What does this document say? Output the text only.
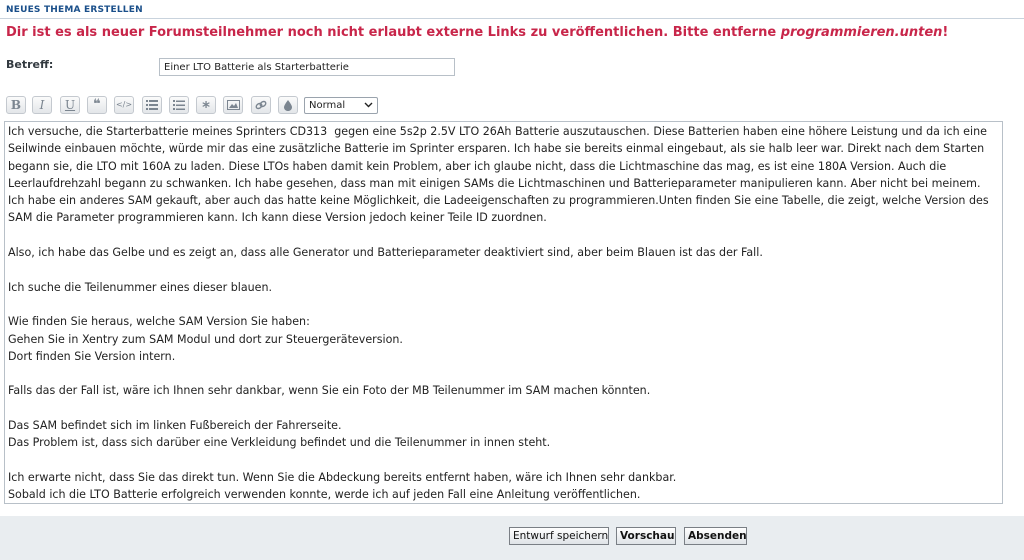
NEUES THEMA ERSTELLEN
Dir ist es als neuer Forumsteilnehmer noch nicht erlaubt externe Links zu veröffentlichen. Bitte entferne programmieren.unten!
Betreff:
Einer LTO Batterie als Starterbatterie
B	I	U	❝	</>	*	Normal

Ich versuche, die Starterbatterie meines Sprinters CD313  gegen eine 5s2p 2.5V LTO 26Ah Batterie auszutauschen. Diese Batterien haben eine höhere Leistung und da ich eine Seilwinde einbauen möchte, würde mir das eine zusätzliche Batterie im Sprinter ersparen. Ich habe sie bereits einmal eingebaut, als sie halb leer war. Direkt nach dem Starten begann sie, die LTO mit 160A zu laden. Diese LTOs haben damit kein Problem, aber ich glaube nicht, dass die Lichtmaschine das mag, es ist eine 180A Version. Auch die Leerlaufdrehzahl begann zu schwanken. Ich habe gesehen, dass man mit einigen SAMs die Lichtmaschinen und Batterieparameter manipulieren kann. Aber nicht bei meinem. Ich habe ein anderes SAM gekauft, aber auch das hatte keine Möglichkeit, die Ladeeigenschaften zu programmieren.Unten finden Sie eine Tabelle, die zeigt, welche Version des SAM die Parameter programmieren kann. Ich kann diese Version jedoch keiner Teile ID zuordnen.

Also, ich habe das Gelbe und es zeigt an, dass alle Generator und Batterieparameter deaktiviert sind, aber beim Blauen ist das der Fall.

Ich suche die Teilenummer eines dieser blauen.

Wie finden Sie heraus, welche SAM Version Sie haben:

Gehen Sie in Xentry zum SAM Modul und dort zur Steuergeräteversion.

Dort finden Sie Version intern.

Falls das der Fall ist, wäre ich Ihnen sehr dankbar, wenn Sie ein Foto der MB Teilenummer im SAM machen könnten.

Das SAM befindet sich im linken Fußbereich der Fahrerseite.

Das Problem ist, dass sich darüber eine Verkleidung befindet und die Teilenummer in innen steht.

Ich erwarte nicht, dass Sie das direkt tun. Wenn Sie die Abdeckung bereits entfernt haben, wäre ich Ihnen sehr dankbar.

Sobald ich die LTO Batterie erfolgreich verwenden konnte, werde ich auf jeden Fall eine Anleitung veröffentlichen.

Entwurf speichern	Vorschau	Absenden
